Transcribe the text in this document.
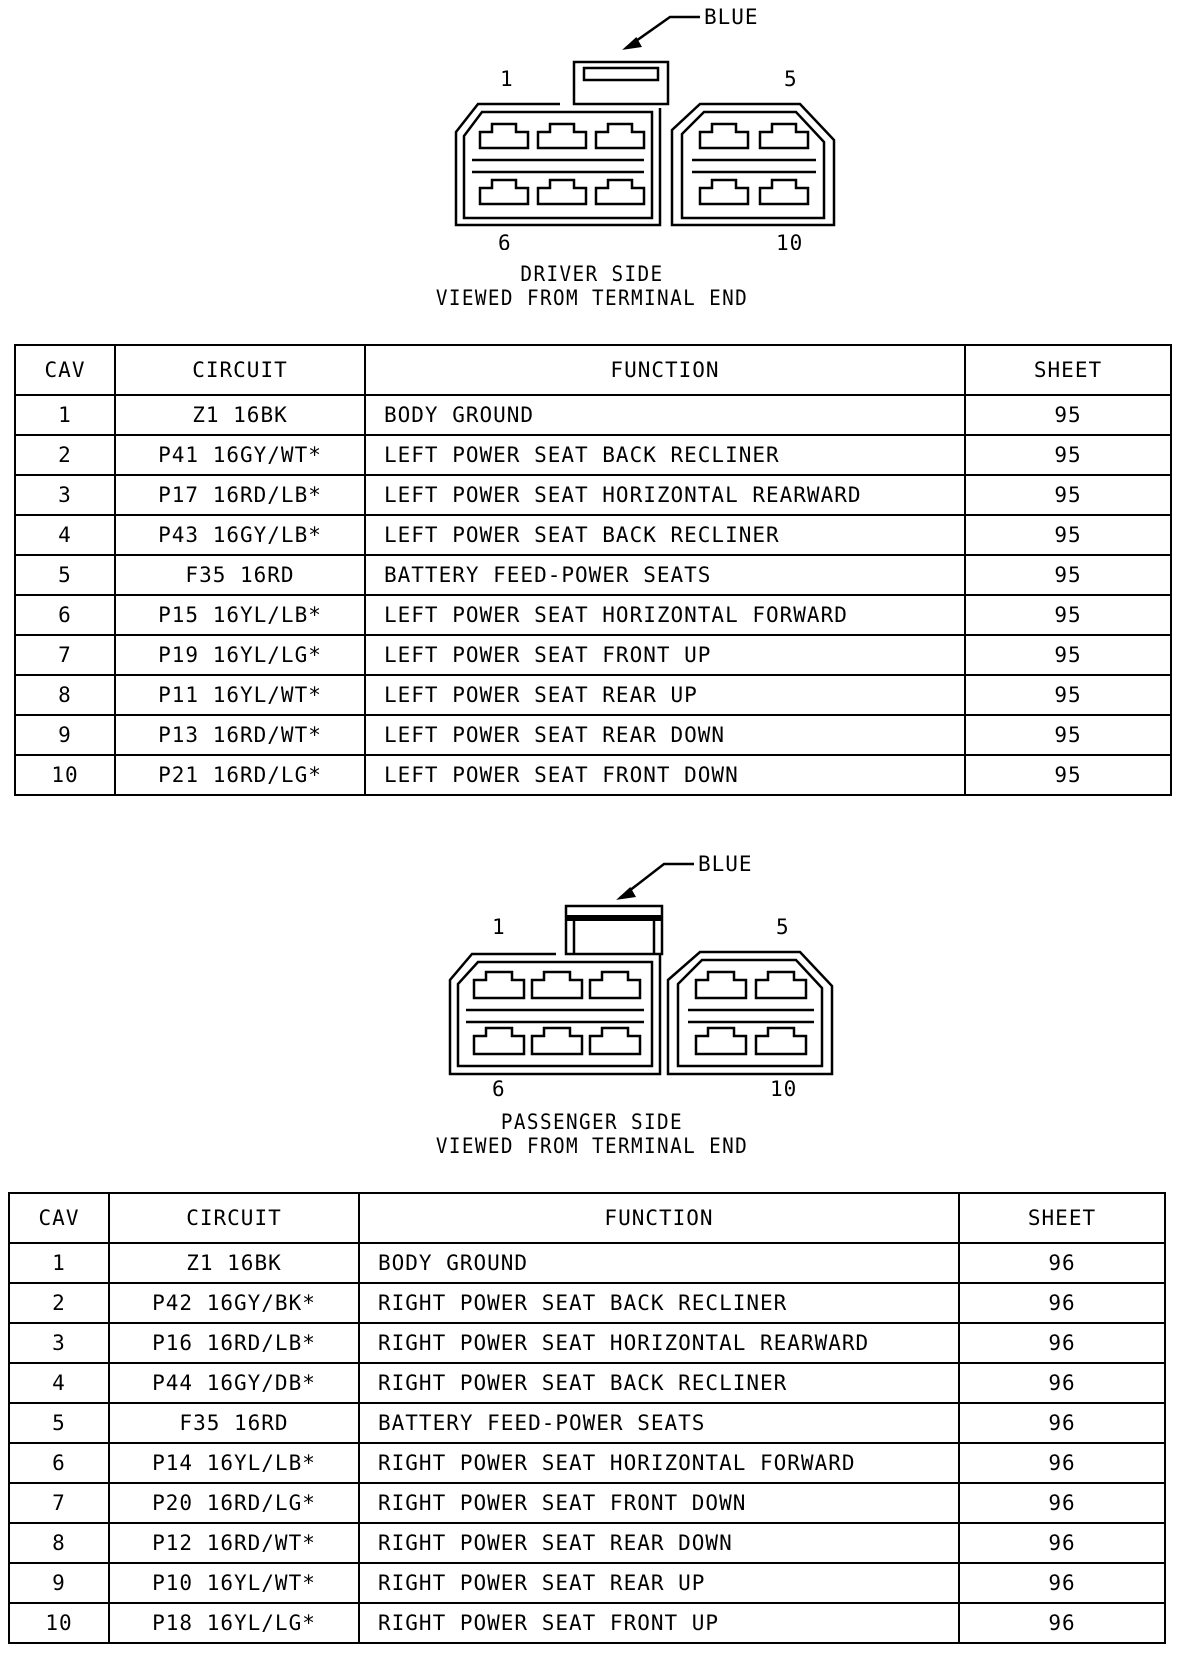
BLUE
1	5
6	10
DRIVER SIDE
VIEWED FROM TERMINAL END
CAV	CIRCUIT	FUNCTION	SHEET
1	Z1 16BK	BODY GROUND	95
2	P41 16GY/WT*	LEFT POWER SEAT BACK RECLINER	95
3	P17 16RD/LB*	LEFT POWER SEAT HORIZONTAL REARWARD	95
4	P43 16GY/LB*	LEFT POWER SEAT BACK RECLINER	95
5	F35 16RD	BATTERY FEED-POWER SEATS	95
6	P15 16YL/LB*	LEFT POWER SEAT HORIZONTAL FORWARD	95
7	P19 16YL/LG*	LEFT POWER SEAT FRONT UP	95
8	P11 16YL/WT*	LEFT POWER SEAT REAR UP	95
9	P13 16RD/WT*	LEFT POWER SEAT REAR DOWN	95
10	P21 16RD/LG*	LEFT POWER SEAT FRONT DOWN	95
BLUE
1	5
6	10
PASSENGER SIDE
VIEWED FROM TERMINAL END
CAV	CIRCUIT	FUNCTION	SHEET
1	Z1 16BK	BODY GROUND	96
2	P42 16GY/BK*	RIGHT POWER SEAT BACK RECLINER	96
3	P16 16RD/LB*	RIGHT POWER SEAT HORIZONTAL REARWARD	96
4	P44 16GY/DB*	RIGHT POWER SEAT BACK RECLINER	96
5	F35 16RD	BATTERY FEED-POWER SEATS	96
6	P14 16YL/LB*	RIGHT POWER SEAT HORIZONTAL FORWARD	96
7	P20 16RD/LG*	RIGHT POWER SEAT FRONT DOWN	96
8	P12 16RD/WT*	RIGHT POWER SEAT REAR DOWN	96
9	P10 16YL/WT*	RIGHT POWER SEAT REAR UP	96
10	P18 16YL/LG*	RIGHT POWER SEAT FRONT UP	96
